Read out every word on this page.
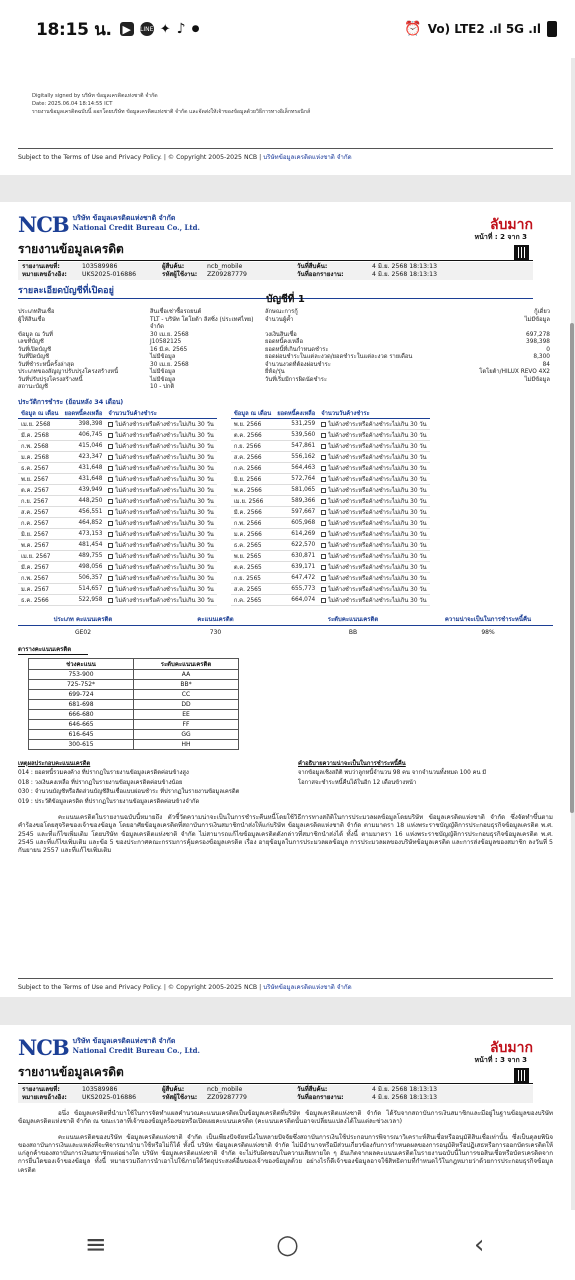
18:15 น. ▶	LINE ✦ ♪ ●	⏰ Vo) LTE2 .ıl 5G .ıl
Digitally signed by บริษัท ข้อมูลเครดิตแห่งชาติ จำกัด
Date: 2025.06.04 18:14:55 ICT
รายงานข้อมูลเครดิตฉบับนี้ ออกโดยบริษัท ข้อมูลเครดิตแห่งชาติ จำกัด และจัดส่งให้เจ้าของข้อมูลด้วยวิธีการทางอิเล็กทรอนิกส์
Subject to the Terms of Use and Privacy Policy. | © Copyright 2005-2025 NCB | บริษัทข้อมูลเครดิตแห่งชาติ จำกัด
NCB บริษัท ข้อมูลเครดิตแห่งชาติ จำกัด
National Credit Bureau Co., Ltd.	ลับมาก
หน้าที่ : 2 จาก 3
รายงานข้อมูลเครดิต
รายงานเลขที่:	103589986	ผู้สืบค้น:	ncb_mobile	วันที่สืบค้น:	4 มิ.ย. 2568 18:13:13
หมายเลขอ้างอิง:	UKS2025-016886	รหัสผู้ใช้งาน:	ZZ09287779	วันที่ออกรายงาน:	4 มิ.ย. 2568 18:13:13
รายละเอียดบัญชีที่เปิดอยู่
บัญชีที่ 1
ประเภทสินเชื่อ	สินเชื่อเช่าซื้อรถยนต์	ลักษณะการกู้	กู้เดี่ยว
ผู้ให้สินเชื่อ	TLT - บริษัท โตโยต้า ลีสซิ่ง (ประเทศไทย) จำกัด
จำนวนผู้ค้ำ	ไม่มีข้อมูล
ข้อมูล ณ วันที่	30 เม.ย. 2568	วงเงินสินเชื่อ	697,278
เลขที่บัญชี	J10582125	ยอดหนี้คงเหลือ	398,398
วันที่เปิดบัญชี	16 มี.ค. 2565	ยอดหนี้ที่เกินกำหนดชำระ	0
วันที่ปิดบัญชี	ไม่มีข้อมูล	ยอดผ่อนชำระในแต่ละงวด/ยอดชำระในแต่ละงวด รายเดือน	8,300
วันที่ชำระหนี้ครั้งล่าสุด	30 เม.ย. 2568	จำนวนงวดที่ต้องผ่อนชำระ	84
ประเภทของสัญญาปรับปรุงโครงสร้างหนี้	ไม่มีข้อมูล	ยี่ห้อ/รุ่น	โตโยต้า/HILUX REVO 4X2
วันที่ปรับปรุงโครงสร้างหนี้	ไม่มีข้อมูล	วันที่เริ่มมีการผิดนัดชำระ	ไม่มีข้อมูล
สถานะบัญชี	10 - ปกติ
ประวัติการชำระ (ย้อนหลัง 34 เดือน)
ข้อมูล ณ เดือน	ยอดหนี้คงเหลือ	จำนวนวันค้างชำระ
เม.ย. 2568	398,398	ไม่ค้างชำระหรือค้างชำระไม่เกิน 30 วัน
มี.ค. 2568	406,745	ไม่ค้างชำระหรือค้างชำระไม่เกิน 30 วัน
ก.พ. 2568	415,046	ไม่ค้างชำระหรือค้างชำระไม่เกิน 30 วัน
ม.ค. 2568	423,347	ไม่ค้างชำระหรือค้างชำระไม่เกิน 30 วัน
ธ.ค. 2567	431,648	ไม่ค้างชำระหรือค้างชำระไม่เกิน 30 วัน
พ.ย. 2567	431,648	ไม่ค้างชำระหรือค้างชำระไม่เกิน 30 วัน
ต.ค. 2567	439,949	ไม่ค้างชำระหรือค้างชำระไม่เกิน 30 วัน
ก.ย. 2567	448,250	ไม่ค้างชำระหรือค้างชำระไม่เกิน 30 วัน
ส.ค. 2567	456,551	ไม่ค้างชำระหรือค้างชำระไม่เกิน 30 วัน
ก.ค. 2567	464,852	ไม่ค้างชำระหรือค้างชำระไม่เกิน 30 วัน
มิ.ย. 2567	473,153	ไม่ค้างชำระหรือค้างชำระไม่เกิน 30 วัน
พ.ค. 2567	481,454	ไม่ค้างชำระหรือค้างชำระไม่เกิน 30 วัน
เม.ย. 2567	489,755	ไม่ค้างชำระหรือค้างชำระไม่เกิน 30 วัน
มี.ค. 2567	498,056	ไม่ค้างชำระหรือค้างชำระไม่เกิน 30 วัน
ก.พ. 2567	506,357	ไม่ค้างชำระหรือค้างชำระไม่เกิน 30 วัน
ม.ค. 2567	514,657	ไม่ค้างชำระหรือค้างชำระไม่เกิน 30 วัน
ธ.ค. 2566	522,958	ไม่ค้างชำระหรือค้างชำระไม่เกิน 30 วัน
ข้อมูล ณ เดือน	ยอดหนี้คงเหลือ	จำนวนวันค้างชำระ
พ.ย. 2566	531,259	ไม่ค้างชำระหรือค้างชำระไม่เกิน 30 วัน
ต.ค. 2566	539,560	ไม่ค้างชำระหรือค้างชำระไม่เกิน 30 วัน
ก.ย. 2566	547,861	ไม่ค้างชำระหรือค้างชำระไม่เกิน 30 วัน
ส.ค. 2566	556,162	ไม่ค้างชำระหรือค้างชำระไม่เกิน 30 วัน
ก.ค. 2566	564,463	ไม่ค้างชำระหรือค้างชำระไม่เกิน 30 วัน
มิ.ย. 2566	572,764	ไม่ค้างชำระหรือค้างชำระไม่เกิน 30 วัน
พ.ค. 2566	581,065	ไม่ค้างชำระหรือค้างชำระไม่เกิน 30 วัน
เม.ย. 2566	589,366	ไม่ค้างชำระหรือค้างชำระไม่เกิน 30 วัน
มี.ค. 2566	597,667	ไม่ค้างชำระหรือค้างชำระไม่เกิน 30 วัน
ก.พ. 2566	605,968	ไม่ค้างชำระหรือค้างชำระไม่เกิน 30 วัน
ม.ค. 2566	614,269	ไม่ค้างชำระหรือค้างชำระไม่เกิน 30 วัน
ธ.ค. 2565	622,570	ไม่ค้างชำระหรือค้างชำระไม่เกิน 30 วัน
พ.ย. 2565	630,871	ไม่ค้างชำระหรือค้างชำระไม่เกิน 30 วัน
ต.ค. 2565	639,171	ไม่ค้างชำระหรือค้างชำระไม่เกิน 30 วัน
ก.ย. 2565	647,472	ไม่ค้างชำระหรือค้างชำระไม่เกิน 30 วัน
ส.ค. 2565	655,773	ไม่ค้างชำระหรือค้างชำระไม่เกิน 30 วัน
ก.ค. 2565	664,074	ไม่ค้างชำระหรือค้างชำระไม่เกิน 30 วัน
ประเภท คะแนนเครดิต	คะแนนเครดิต	ระดับคะแนนเครดิต	ความน่าจะเป็นในการชำระหนี้คืน
GE02	730	BB	98%
ตารางคะแนนเครดิต
ช่วงคะแนน	ระดับคะแนนเครดิต
753-900	AA
725-752*	BB*
699-724	CC
681-698	DD
666-680	EE
646-665	FF
616-645	GG
300-615	HH
เหตุผลประกอบคะแนนเครดิต
014 : ยอดหนี้รวมคงค้าง ที่ปรากฎในรายงานข้อมูลเครดิตค่อนข้างสูง
018 : วงเงินคงเหลือ ที่ปรากฏในรายงานข้อมูลเครดิตค่อนข้างน้อย
030 : จำนวนบัญชีหรือสัดส่วนบัญชีสินเชื่อแบบผ่อนชำระ ที่ปรากฏในรายงานข้อมูลเครดิต
019 : ประวัติข้อมูลเครดิต ที่ปรากฏในรายงานข้อมูลเครดิตค่อนข้างจำกัด
คำอธิบายความน่าจะเป็นในการชำระหนี้คืน
จากข้อมูลเชิงสถิติ พบว่าลูกหนี้จำนวน 98 คน จากจำนวนทั้งหมด 100 คน มีโอกาสจะชำระหนี้คืนได้ในอีก 12 เดือนข้างหน้า
คะแนนเครดิตในรายงานฉบับนี้หมายถึง ตัวชี้วัดความน่าจะเป็นในการชำระคืนหนี้โดยใช้วิธีการทางสถิติในการประมวลผลข้อมูลโดยบริษัท ข้อมูลเครดิตแห่งชาติ จำกัด ซึ่งจัดทำขึ้นตามคำร้องขอโดยสุจริตของเจ้าของข้อมูล โดยอาศัยข้อมูลเครดิตที่สถาบันการเงินสมาชิกนำส่งให้แก่บริษัท ข้อมูลเครดิตแห่งชาติ จำกัด ตามมาตรา 18 แห่งพระราชบัญญัติการประกอบธุรกิจข้อมูลเครดิต พ.ศ. 2545 และที่แก้ไขเพิ่มเติม โดยบริษัท ข้อมูลเครดิตแห่งชาติ จำกัด ไม่สามารถแก้ไขข้อมูลเครดิตดังกล่าวที่สมาชิกนำส่งได้ ทั้งนี้ ตามมาตรา 16 แห่งพระราชบัญญัติการประกอบธุรกิจข้อมูลเครดิต พ.ศ. 2545 และที่แก้ไขเพิ่มเติม และข้อ 5 ของประกาศคณะกรรมการคุ้มครองข้อมูลเครดิต เรื่อง อายุข้อมูลในการประมวลผลข้อมูล การประมวลผลของบริษัทข้อมูลเครดิต และการส่งข้อมูลของสมาชิก ลงวันที่ 5 กันยายน 2557 และที่แก้ไขเพิ่มเติม
Subject to the Terms of Use and Privacy Policy. | © Copyright 2005-2025 NCB | บริษัทข้อมูลเครดิตแห่งชาติ จำกัด
NCB บริษัท ข้อมูลเครดิตแห่งชาติ จำกัด
National Credit Bureau Co., Ltd.	ลับมาก
หน้าที่ : 3 จาก 3
รายงานข้อมูลเครดิต
รายงานเลขที่:	103589986	ผู้สืบค้น:	ncb_mobile	วันที่สืบค้น:	4 มิ.ย. 2568 18:13:13
หมายเลขอ้างอิง:	UKS2025-016886	รหัสผู้ใช้งาน:	ZZ09287779	วันที่ออกรายงาน:	4 มิ.ย. 2568 18:13:13
อนึ่ง ข้อมูลเครดิตที่นำมาใช้ในการจัดทำแผลคำนวณคะแนนเครดิตเป็นข้อมูลเครดิตที่บริษัท ข้อมูลเครดิตแห่งชาติ จำกัด ได้รับจากสถาบันการเงินสมาชิกและมีอยู่ในฐานข้อมูลของบริษัท ข้อมูลเครดิตแห่งชาติ จำกัด ณ ขณะเวลาที่เจ้าของข้อมูลร้องขอหรือเปิดเผยคะแนนเครดิต (คะแนนเครดิตนั้นอาจเปลี่ยนแปลงได้ในแต่ละช่วงเวลา)
คะแนนเครดิตของบริษัท ข้อมูลเครดิตแห่งชาติ จำกัด เป็นเพียงปัจจัยหนึ่งในหลายปัจจัยซึ่งสถาบันการเงินใช้ประกอบการพิจารณาวิเคราะห์สินเชื่อหรืออนุมัติสินเชื่อเท่านั้น ซึ่งเป็นดุลยพินิจของสถาบันการเงินและแหล่งที่จะพิจารณานำมาใช้หรือไม่ก็ได้ ทั้งนี้ บริษัท ข้อมูลเครดิตแห่งชาติ จำกัด ไม่มีอำนาจหรือมีส่วนเกี่ยวข้องกับการกำหนดผลของการอนุมัติหรือปฏิเสธหรือการออกบัตรเครดิตให้แก่ลูกค้าของสถาบันการเงินสมาชิกแต่อย่างใด บริษัท ข้อมูลเครดิตแห่งชาติ จำกัด จะไม่รับผิดชอบในความเสียหายใด ๆ อันเกิดจากผลคะแนนเครดิตในรายงานฉบับนี้ในการขอสินเชื่อหรือบัตรเครดิตจากการยื่นใดของเจ้าของข้อมูล ทั้งนี้ หมายรวมถึงการนำเอาไปใช้ภายใต้วัตถุประสงค์อื่นของเจ้าของข้อมูลด้วย อย่างไรก็ดีเจ้าของข้อมูลอาจใช้สิทธิตามที่กำหนดไว้ในกฎหมายว่าด้วยการประกอบธุรกิจข้อมูลเครดิต
≡	○	‹
